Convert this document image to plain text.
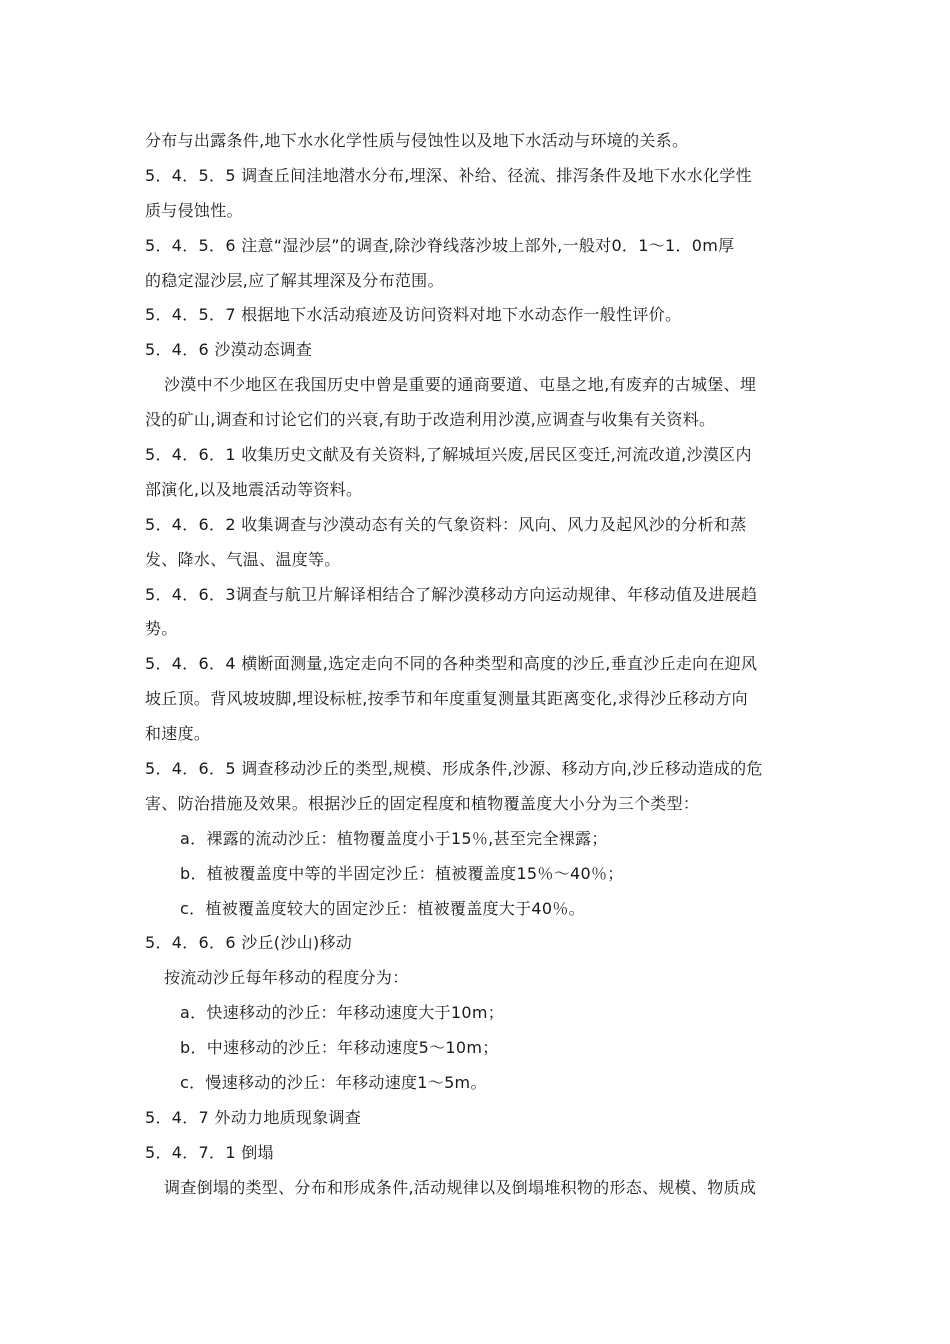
分布与出露条件,地下水水化学性质与侵蚀性以及地下水活动与环境的关系。
5．4．5．5 调查丘间洼地潜水分布,埋深、补给、径流、排泻条件及地下水水化学性
质与侵蚀性。
5．4．5．6 注意“湿沙层”的调查,除沙脊线落沙坡上部外,一般对0．1～1．0m厚
的稳定湿沙层,应了解其埋深及分布范围。
5．4．5．7 根据地下水活动痕迹及访问资料对地下水动态作一般性评价。
5．4．6 沙漠动态调查
沙漠中不少地区在我国历史中曾是重要的通商要道、屯垦之地,有废弃的古城堡、埋
没的矿山,调查和讨论它们的兴衰,有助于改造利用沙漠,应调查与收集有关资料。
5．4．6．1 收集历史文献及有关资料,了解城垣兴废,居民区变迁,河流改道,沙漠区内
部演化,以及地震活动等资料。
5．4．6．2 收集调查与沙漠动态有关的气象资料：风向、风力及起风沙的分析和蒸
发、降水、气温、温度等。
5．4．6．3调查与航卫片解译相结合了解沙漠移动方向运动规律、年移动值及进展趋
势。
5．4．6．4 横断面测量,选定走向不同的各种类型和高度的沙丘,垂直沙丘走向在迎风
坡丘顶。背风坡坡脚,埋设标桩,按季节和年度重复测量其距离变化,求得沙丘移动方向
和速度。
5．4．6．5 调查移动沙丘的类型,规模、形成条件,沙源、移动方向,沙丘移动造成的危
害、防治措施及效果。根据沙丘的固定程度和植物覆盖度大小分为三个类型：
a．裸露的流动沙丘：植物覆盖度小于15％,甚至完全裸露；
b．植被覆盖度中等的半固定沙丘：植被覆盖度15％～40％；
c．植被覆盖度较大的固定沙丘：植被覆盖度大于40％。
5．4．6．6 沙丘(沙山)移动
按流动沙丘每年移动的程度分为：
a．快速移动的沙丘：年移动速度大于10m；
b．中速移动的沙丘：年移动速度5～10m；
c．慢速移动的沙丘：年移动速度1～5m。
5．4．7 外动力地质现象调查
5．4．7．1 倒塌
调查倒塌的类型、分布和形成条件,活动规律以及倒塌堆积物的形态、规模、物质成
